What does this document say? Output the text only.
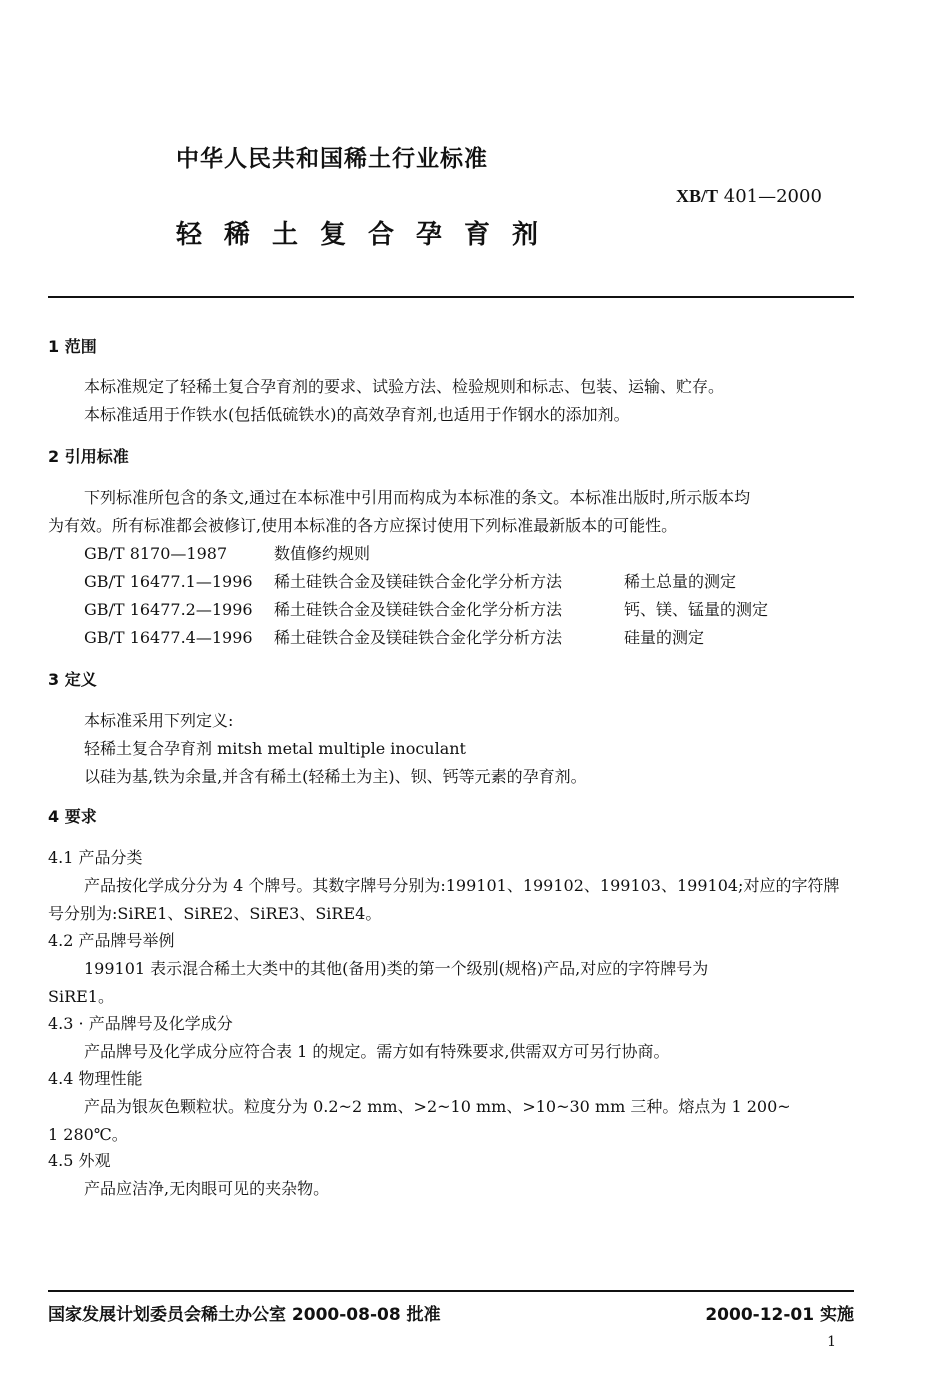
中华人民共和国稀土行业标准
XB/T 401—2000
轻稀土复合孕育剂
1 范围
本标准规定了轻稀土复合孕育剂的要求、试验方法、检验规则和标志、包装、运输、贮存。
本标准适用于作铁水(包括低硫铁水)的高效孕育剂,也适用于作钢水的添加剂。
2 引用标准
下列标准所包含的条文,通过在本标准中引用而构成为本标准的条文。本标准出版时,所示版本均
为有效。所有标准都会被修订,使用本标准的各方应探讨使用下列标准最新版本的可能性。
GB/T 8170—1987	数值修约规则
GB/T 16477.1—1996 稀土硅铁合金及镁硅铁合金化学分析方法	稀土总量的测定
GB/T 16477.2—1996 稀土硅铁合金及镁硅铁合金化学分析方法	钙、镁、锰量的测定
GB/T 16477.4—1996 稀土硅铁合金及镁硅铁合金化学分析方法	硅量的测定
3 定义
本标准采用下列定义:
轻稀土复合孕育剂 mitsh metal multiple inoculant
以硅为基,铁为余量,并含有稀土(轻稀土为主)、钡、钙等元素的孕育剂。
4 要求
4.1 产品分类
产品按化学成分分为 4 个牌号。其数字牌号分别为:199101、199102、199103、199104;对应的字符牌
号分别为:SiRE1、SiRE2、SiRE3、SiRE4。
4.2 产品牌号举例
199101 表示混合稀土大类中的其他(备用)类的第一个级别(规格)产品,对应的字符牌号为
SiRE1。
4.3 · 产品牌号及化学成分
产品牌号及化学成分应符合表 1 的规定。需方如有特殊要求,供需双方可另行协商。
4.4 物理性能
产品为银灰色颗粒状。粒度分为 0.2~2 mm、>2~10 mm、>10~30 mm 三种。熔点为 1 200~
1 280℃。
4.5 外观
产品应洁净,无肉眼可见的夹杂物。
国家发展计划委员会稀土办公室 2000-08-08 批准	2000-12-01 实施
1
